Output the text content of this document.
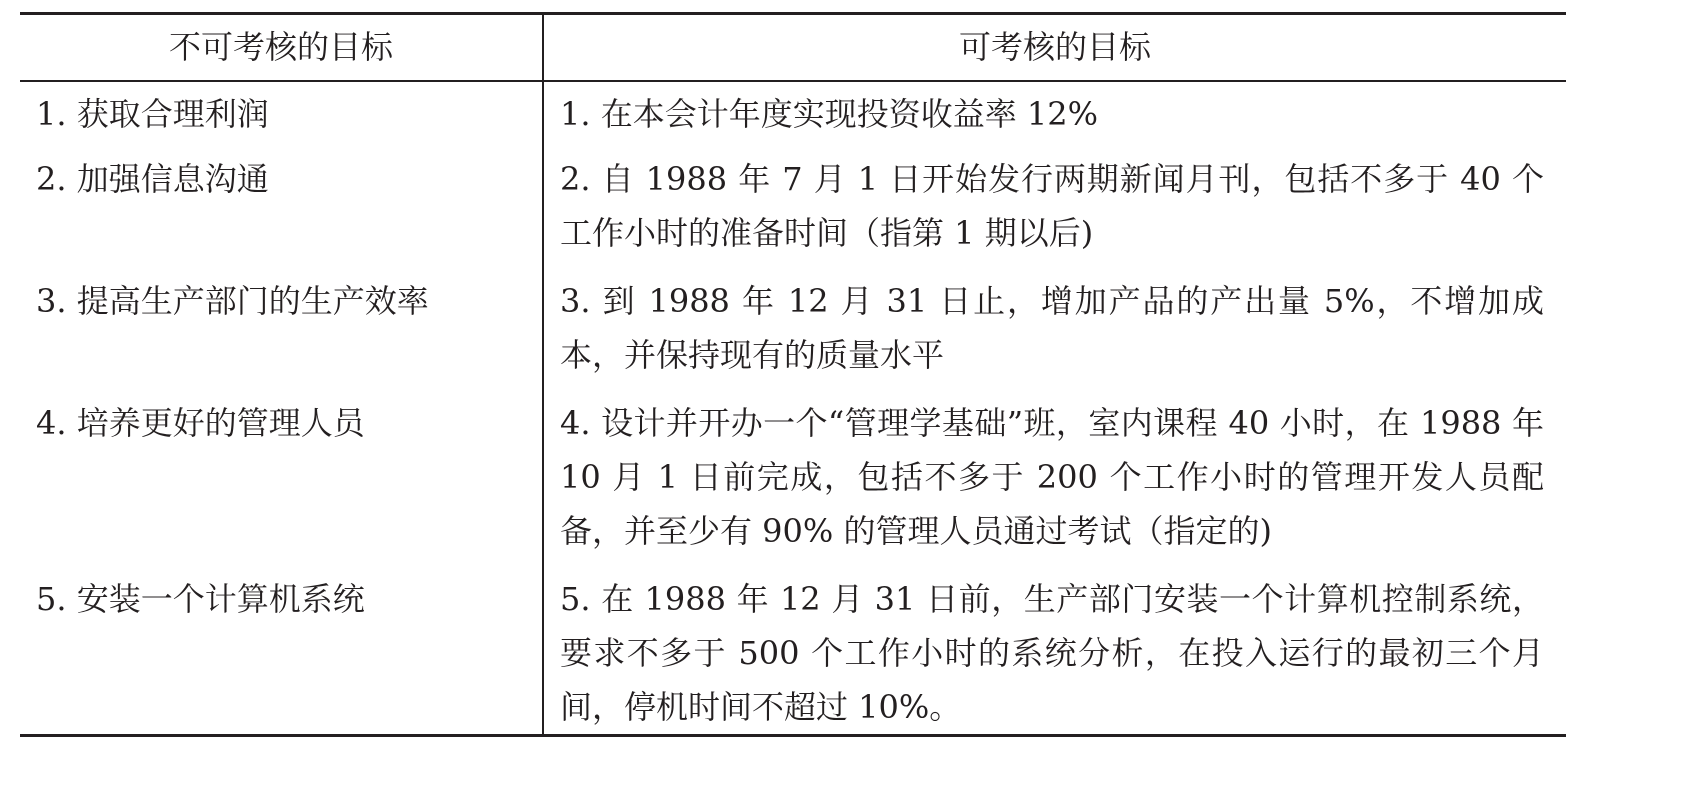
不可考核的目标	可考核的目标
1. 获取合理利润	1. 在本会计年度实现投资收益率 12%
2. 加强信息沟通	2. 自 1988 年 7 月 1 日开始发行两期新闻月刊，包括不多于 40 个工作小时的准备时间（指第 1 期以后)
3. 提高生产部门的生产效率	3. 到 1988 年 12 月 31 日止，增加产品的产出量 5%，不增加成本，并保持现有的质量水平
4. 培养更好的管理人员	4. 设计并开办一个“管理学基础”班，室内课程 40 小时，在 1988 年 10 月 1 日前完成，包括不多于 200 个工作小时的管理开发人员配备，并至少有 90% 的管理人员通过考试（指定的)
5. 安装一个计算机系统	5. 在 1988 年 12 月 31 日前，生产部门安装一个计算机控制系统，要求不多于 500 个工作小时的系统分析，在投入运行的最初三个月间，停机时间不超过 10%。
